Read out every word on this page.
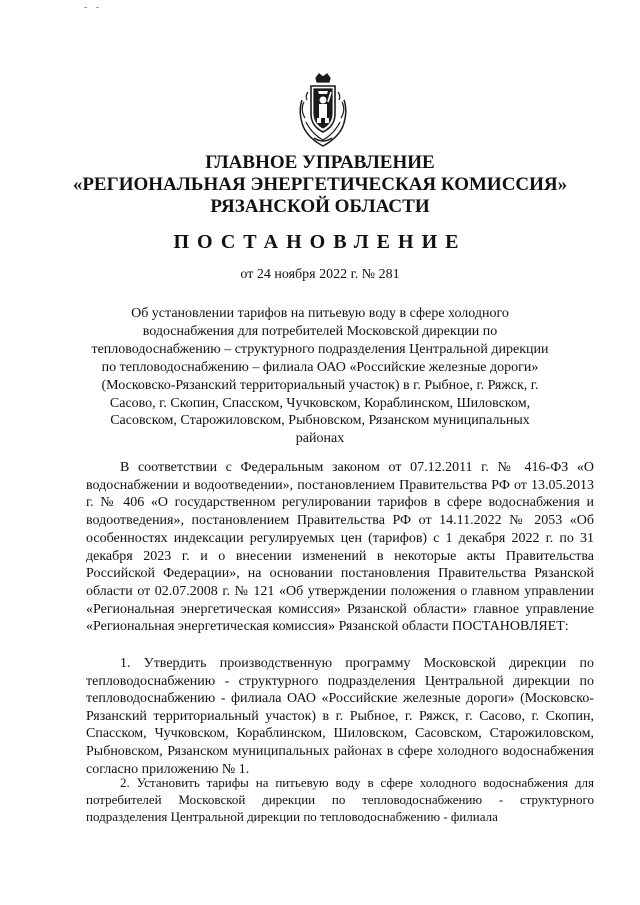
- -
ГЛАВНОЕ УПРАВЛЕНИЕ
«РЕГИОНАЛЬНАЯ ЭНЕРГЕТИЧЕСКАЯ КОМИССИЯ»
РЯЗАНСКОЙ ОБЛАСТИ
ПОСТАНОВЛЕНИЕ
от 24 ноября 2022 г. № 281
Об установлении тарифов на питьевую воду в сфере холодного водоснабжения для потребителей Московской дирекции по тепловодоснабжению – структурного подразделения Центральной дирекции по тепловодоснабжению – филиала ОАО «Российские железные дороги» (Московско-Рязанский территориальный участок) в г. Рыбное, г. Ряжск, г. Сасово, г. Скопин, Спасском, Чучковском, Кораблинском, Шиловском, Сасовском, Старожиловском, Рыбновском, Рязанском муниципальных районах
В соответствии с Федеральным законом от 07.12.2011 г. № 416-ФЗ «О водоснабжении и водоотведении», постановлением Правительства РФ от 13.05.2013 г. № 406 «О государственном регулировании тарифов в сфере водоснабжения и водоотведения», постановлением Правительства РФ от 14.11.2022 № 2053 «Об особенностях индексации регулируемых цен (тарифов) с 1 декабря 2022 г. по 31 декабря 2023 г. и о внесении изменений в некоторые акты Правительства Российской Федерации», на основании постановления Правительства Рязанской области от 02.07.2008 г. № 121 «Об утверждении положения о главном управлении «Региональная энергетическая комиссия» Рязанской области» главное управление «Региональная энергетическая комиссия» Рязанской области ПОСТАНОВЛЯЕТ:
1. Утвердить производственную программу Московской дирекции по тепловодоснабжению - структурного подразделения Центральной дирекции по тепловодоснабжению - филиала ОАО «Российские железные дороги» (Московско-Рязанский территориальный участок) в г. Рыбное, г. Ряжск, г. Сасово, г. Скопин, Спасском, Чучковском, Кораблинском, Шиловском, Сасовском, Старожиловском, Рыбновском, Рязанском муниципальных районах в сфере холодного водоснабжения согласно приложению № 1.
2. Установить тарифы на питьевую воду в сфере холодного водоснабжения для потребителей Московской дирекции по тепловодоснабжению - структурного подразделения Центральной дирекции по тепловодоснабжению - филиала
